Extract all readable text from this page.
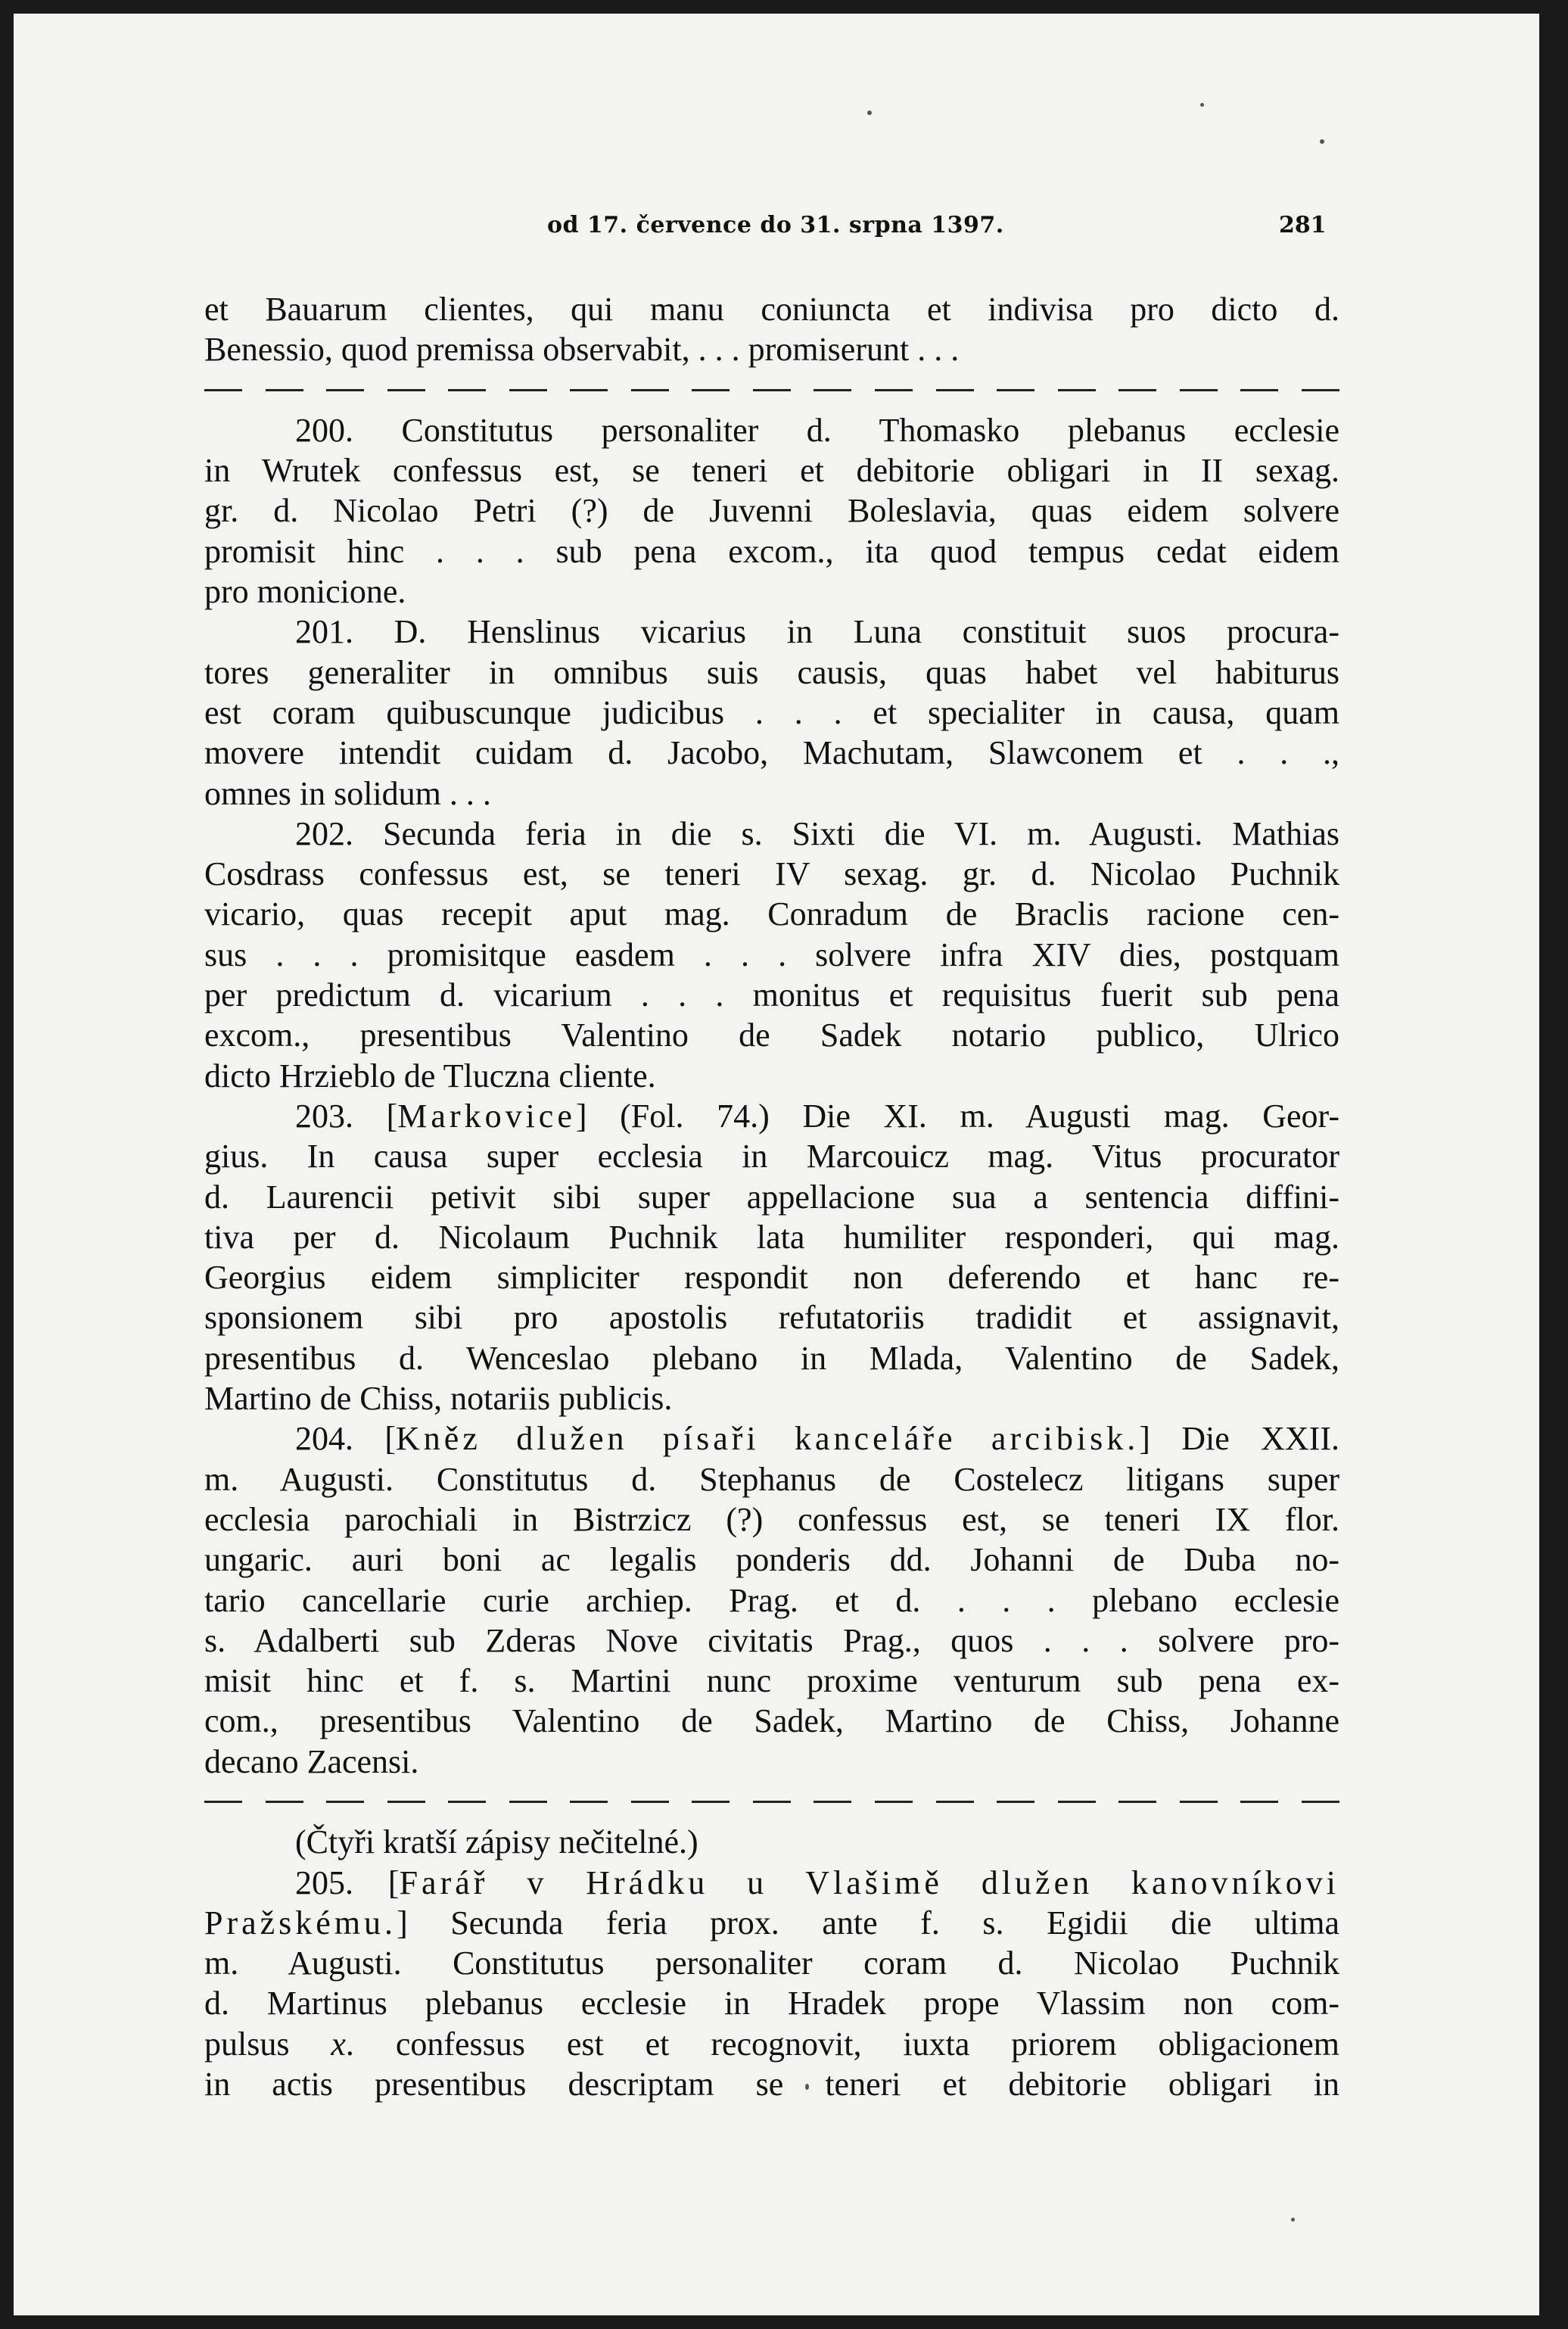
od 17. července do 31. srpna 1397.	281
et Bauarum clientes, qui manu coniuncta et indivisa pro dicto d.
Benessio, quod premissa observabit, . . . promiserunt . . .
200. Constitutus personaliter d. Thomasko plebanus ecclesie
in Wrutek confessus est, se teneri et debitorie obligari in II sexag.
gr. d. Nicolao Petri (?) de Juvenni Boleslavia, quas eidem solvere
promisit hinc . . . sub pena excom., ita quod tempus cedat eidem
pro monicione.
201. D. Henslinus vicarius in Luna constituit suos procura-
tores generaliter in omnibus suis causis, quas habet vel habiturus
est coram quibuscunque judicibus . . . et specialiter in causa, quam
movere intendit cuidam d. Jacobo, Machutam, Slawconem et . . .,
omnes in solidum . . .
202. Secunda feria in die s. Sixti die VI. m. Augusti. Mathias
Cosdrass confessus est, se teneri IV sexag. gr. d. Nicolao Puchnik
vicario, quas recepit aput mag. Conradum de Braclis racione cen-
sus . . . promisitque easdem . . . solvere infra XIV dies, postquam
per predictum d. vicarium . . . monitus et requisitus fuerit sub pena
excom., presentibus Valentino de Sadek notario publico, Ulrico
dicto Hrzieblo de Tluczna cliente.
203. [Markovice] (Fol. 74.) Die XI. m. Augusti mag. Geor-
gius. In causa super ecclesia in Marcouicz mag. Vitus procurator
d. Laurencii petivit sibi super appellacione sua a sentencia diffini-
tiva per d. Nicolaum Puchnik lata humiliter responderi, qui mag.
Georgius eidem simpliciter respondit non deferendo et hanc re-
sponsionem sibi pro apostolis refutatoriis tradidit et assignavit,
presentibus d. Wenceslao plebano in Mlada, Valentino de Sadek,
Martino de Chiss, notariis publicis.
204. [Kněz dlužen písaři kanceláře arcibisk.] Die XXII.
m. Augusti. Constitutus d. Stephanus de Costelecz litigans super
ecclesia parochiali in Bistrzicz (?) confessus est, se teneri IX flor.
ungaric. auri boni ac legalis ponderis dd. Johanni de Duba no-
tario cancellarie curie archiep. Prag. et d. . . . plebano ecclesie
s. Adalberti sub Zderas Nove civitatis Prag., quos . . . solvere pro-
misit hinc et f. s. Martini nunc proxime venturum sub pena ex-
com., presentibus Valentino de Sadek, Martino de Chiss, Johanne
decano Zacensi.
(Čtyři kratší zápisy nečitelné.)
205. [Farář v Hrádku u Vlašimě dlužen kanovníkovi
Pražskému.] Secunda feria prox. ante f. s. Egidii die ultima
m. Augusti. Constitutus personaliter coram d. Nicolao Puchnik
d. Martinus plebanus ecclesie in Hradek prope Vlassim non com-
pulsus x. confessus est et recognovit, iuxta priorem obligacionem
in actis presentibus descriptam se teneri et debitorie obligari in
